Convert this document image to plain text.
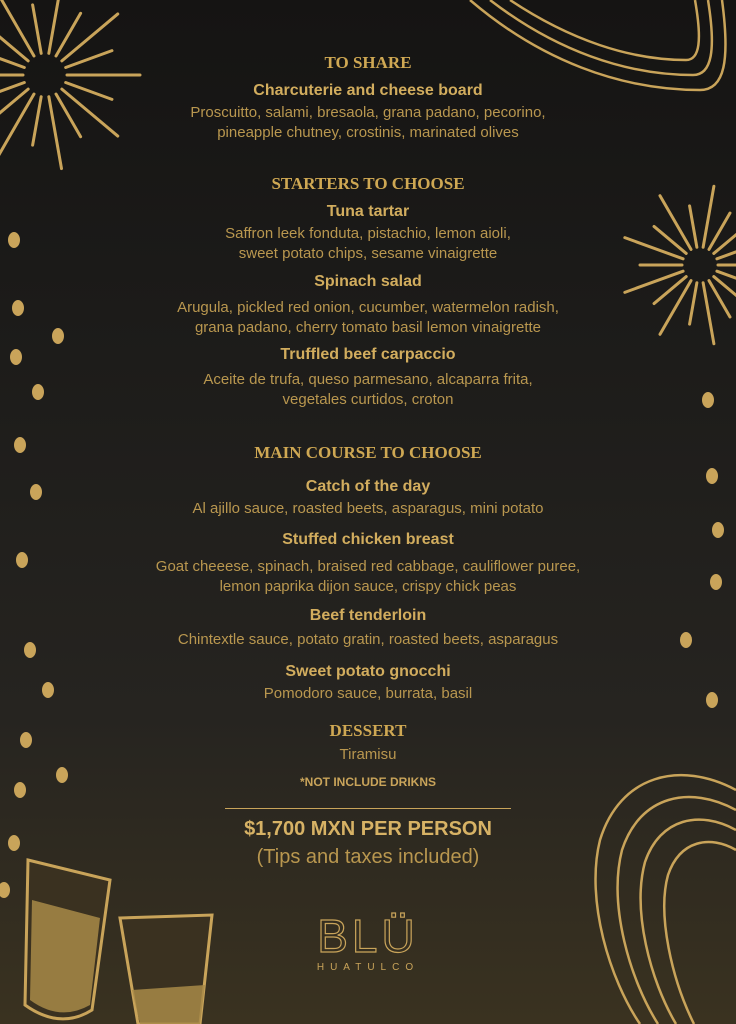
TO SHARE
Charcuterie and cheese board
Proscuitto, salami, bresaola, grana padano, pecorino,
pineapple chutney, crostinis, marinated olives
STARTERS TO CHOOSE
Tuna tartar
Saffron leek fonduta, pistachio, lemon aioli,
sweet potato chips, sesame vinaigrette
Spinach salad
Arugula, pickled red onion, cucumber, watermelon radish,
grana padano, cherry tomato basil lemon vinaigrette
Truffled beef carpaccio
Aceite de trufa, queso parmesano, alcaparra frita,
vegetales curtidos, croton
MAIN COURSE TO CHOOSE
Catch of the day
Al ajillo sauce, roasted beets, asparagus, mini potato
Stuffed chicken breast
Goat cheeese, spinach, braised red cabbage, cauliflower puree,
lemon paprika dijon sauce, crispy chick peas
Beef tenderloin
Chintextle sauce, potato gratin, roasted beets, asparagus
Sweet potato gnocchi
Pomodoro sauce, burrata, basil
DESSERT
Tiramisu
*NOT INCLUDE DRIKNS
$1,700 MXN PER PERSON
(Tips and taxes included)
BLÜ
HUATULCO
